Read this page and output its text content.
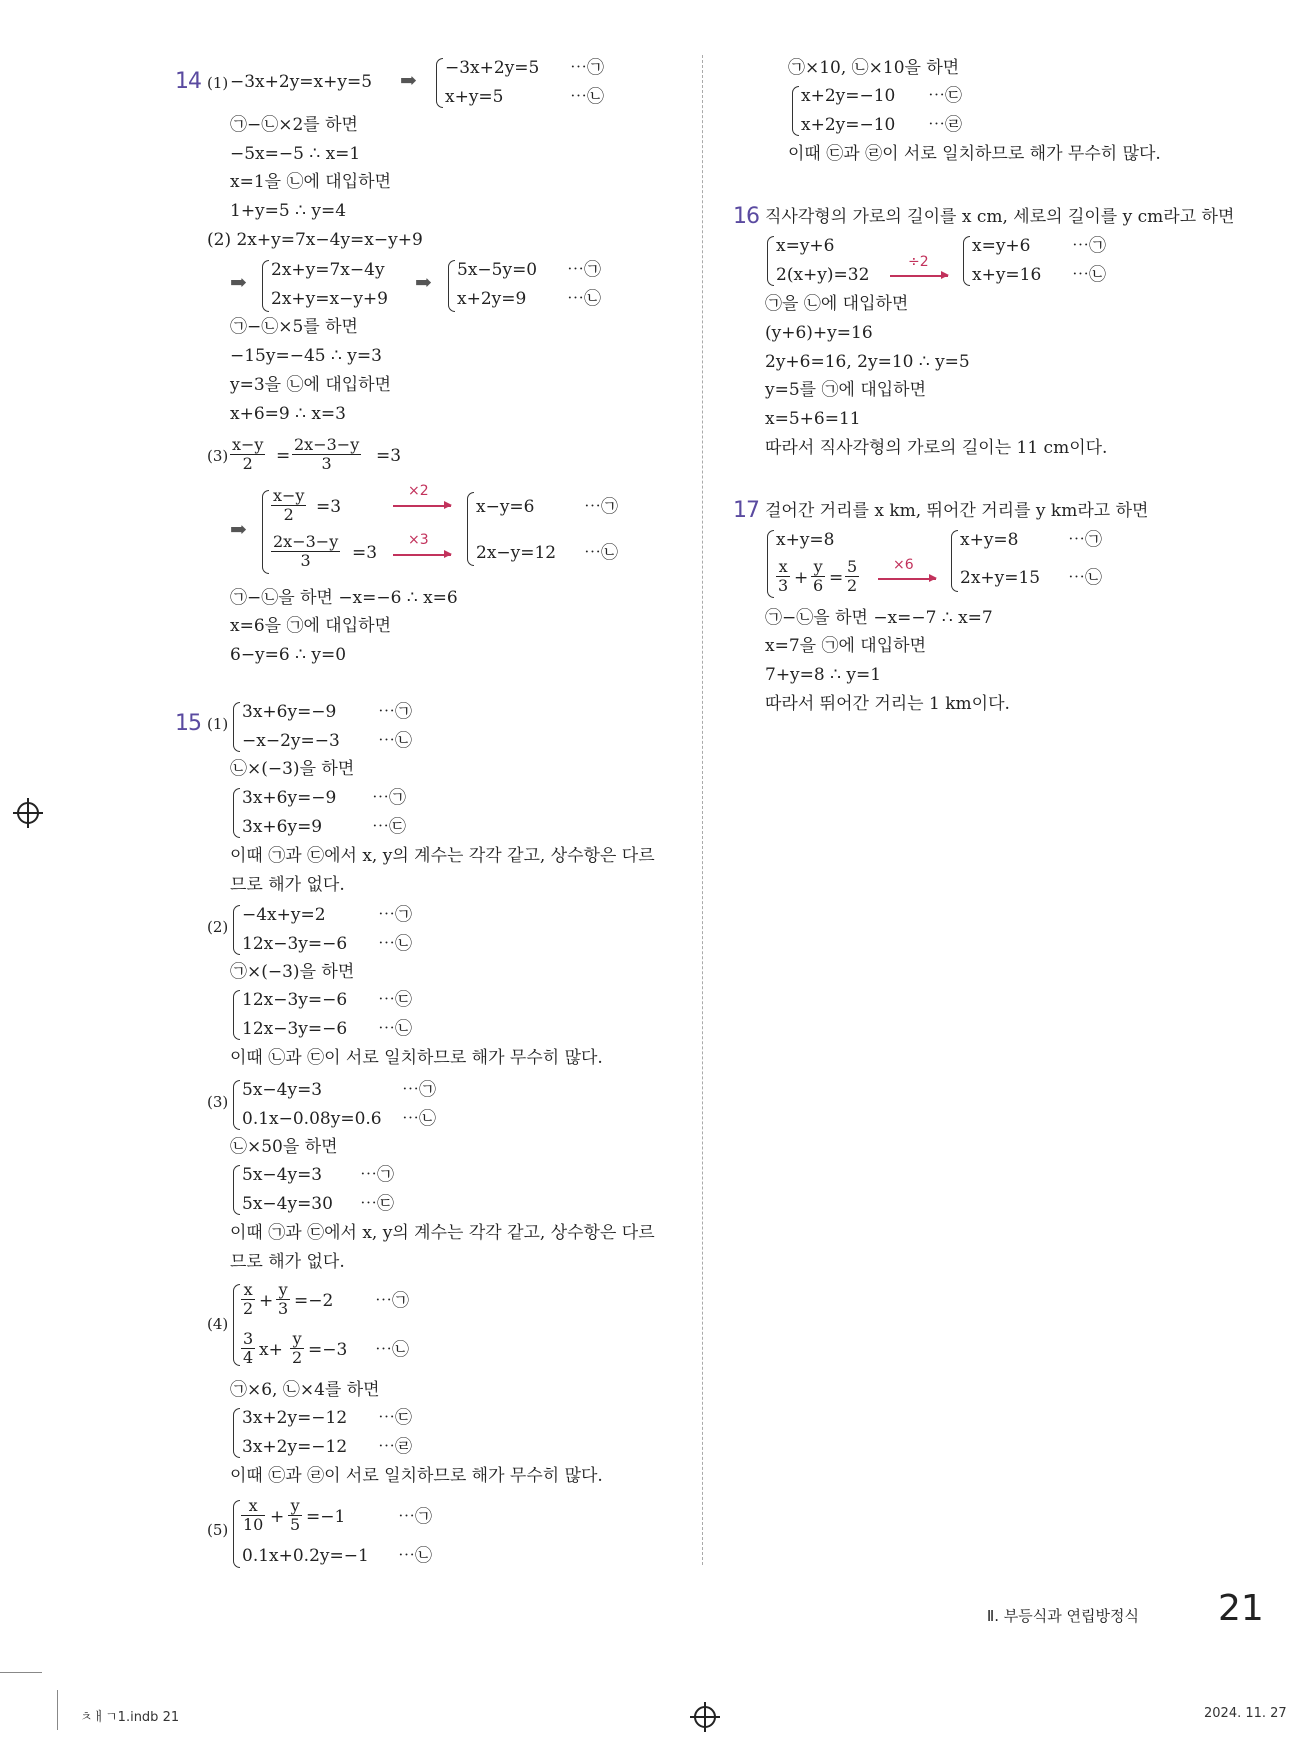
14 (1) −3x+2y=x+y=5 ➡ −3x+2y=5 ⋯㉠
x+y=5	⋯㉡
㉠−㉡×2를 하면
−5x=−5 ∴ x=1
x=1을 ㉡에 대입하면
1+y=5 ∴ y=4
(2) 2x+y=7x−4y=x−y+9
➡ 2x+y=7x−4y
2x+y=x−y+9
➡ 5x−5y=0 ⋯㉠
x+2y=9 ⋯㉡
㉠−㉡×5를 하면
−15y=−45 ∴ y=3
y=3을 ㉡에 대입하면
x+6=9 ∴ x=3
$(3) \frac{x-y}{2} = \frac{2x-3-y}{3} =3$
➡
$\frac{x-y}{2} =3$
$\frac{2x-3-y}{3} =3$
×2
×3
x−y=6	⋯㉠
2x−y=12 ⋯㉡
㉠−㉡을 하면 −x=−6 ∴ x=6
x=6을 ㉠에 대입하면
6−y=6 ∴ y=0
15 (1)
3x+6y=−9 ⋯㉠
−x−2y=−3 ⋯㉡
㉡×(−3)을 하면
3x+6y=−9 ⋯㉠
3x+6y=9	⋯㉢
이때 ㉠과 ㉢에서 x, y의 계수는 각각 같고, 상수항은 다르
므로 해가 없다.
(2)
−4x+y=2	⋯㉠
12x−3y=−6 ⋯㉡
㉠×(−3)을 하면
12x−3y=−6 ⋯㉢
12x−3y=−6 ⋯㉡
이때 ㉡과 ㉢이 서로 일치하므로 해가 무수히 많다.
(3)
5x−4y=3	⋯㉠
0.1x−0.08y=0.6 ⋯㉡
㉡×50을 하면
5x−4y=3 ⋯㉠
5x−4y=30 ⋯㉢
이때 ㉠과 ㉢에서 x, y의 계수는 각각 같고, 상수항은 다르
므로 해가 없다.
(4)
$\frac{x}{2} + \frac{y}{3} =-2$ ⋯㉠
$\frac{3}{4} x+ \frac{y}{2} =-3$ ⋯㉡
㉠×6, ㉡×4를 하면
3x+2y=−12 ⋯㉢
3x+2y=−12 ⋯㉣
이때 ㉢과 ㉣이 서로 일치하므로 해가 무수히 많다.
$(5) \frac{x}{10} + \frac{y}{5} =-1$	⋯㉠
0.1x+0.2y=−1 ⋯㉡
㉠×10, ㉡×10을 하면
x+2y=−10 ⋯㉢
x+2y=−10 ⋯㉣
이때 ㉢과 ㉣이 서로 일치하므로 해가 무수히 많다.
16 직사각형의 가로의 길이를 x cm, 세로의 길이를 y cm라고 하면
x=y+6
2(x+y)=32
÷2
x=y+6 ⋯㉠
x+y=16 ⋯㉡
㉠을 ㉡에 대입하면
(y+6)+y=16
2y+6=16, 2y=10 ∴ y=5
y=5를 ㉠에 대입하면
x=5+6=11
따라서 직사각형의 가로의 길이는 11 cm이다.
17 걸어간 거리를 x km, 뛰어간 거리를 y km라고 하면
x+y=8
$\frac{x}{3} + \frac{y}{6} = \frac{5}{2} \times 6$
x+y=8	⋯㉠
2x+y=15 ⋯㉡
㉠−㉡을 하면 −x=−7 ∴ x=7
x=7을 ㉠에 대입하면
7+y=8 ∴ y=1
따라서 뛰어간 거리는 1 km이다.
Ⅱ. 부등식과 연립방정식 21
ㅊㅐㄱ1.indb 21	2024. 11. 27
